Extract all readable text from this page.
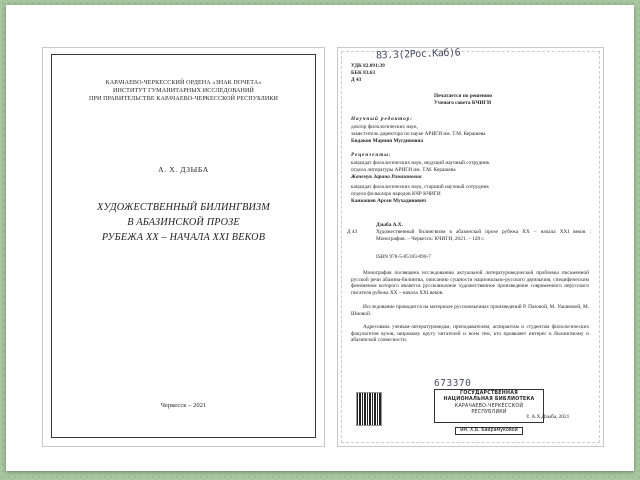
КАРАЧАЕВО-ЧЕРКЕССКИЙ ОРДЕНА «ЗНАК ПОЧЕТА»
ИНСТИТУТ ГУМАНИТАРНЫХ ИССЛЕДОВАНИЙ
ПРИ ПРАВИТЕЛЬСТВЕ КАРАЧАЕВО-ЧЕРКЕССКОЙ РЕСПУБЛИКИ
А. Х. ДЗЫБА
ХУДОЖЕСТВЕННЫЙ БИЛИНГВИЗМ
В АБАЗИНСКОЙ ПРОЗЕ
РУБЕЖА XX – НАЧАЛА XXI ВЕКОВ
Черкесск – 2021
83.3(2Рос.Каб)6
УДК 82.091:39
ББК 83.63
Д 43
Печатается по решению
Ученого совета КЧИГИ
Научный редактор:
доктор филологических наук,
заместитель директора по науке АРИГИ им. Т.М. Керашева
Бидаков Мариия Мугдиновна
Рецензенты:
кандидат филологических наук, ведущий научный сотрудник
отдела литературы АРИГИ им. Т.М. Керашева
Жачемук Зарина Рамазановна
кандидат филологических наук, старший научный сотрудник
отдела фольклора народов КЧР КЧИГИ
Канкошев Арсен Мухадинович
Дзыба А.Х.
Д 43	Художественный билингвизм в абазинской прозе рубежа XX – начала XXI веков : Монография. – Черкесск: КЧИГИ, 2021. – 128 с.
ISBN 978-5-85183-090-7
Монография посвящена исследованию актуальной литературоведческой проблемы письменной русской речи абазина-билингва, описанию сущности национально-русского двуязычия, специфическим феноменом которого является русскоязычное художественное произведение современного нерусского писателя рубежа XX – начала XXI веков.
Исследование проводится на материале русскоязычных произведений Р. Пазовой, М. Ушановой, М. Шиовой.
Адресована ученым-литературоведам, преподавателям, аспирантам и студентам филологических факультетов вузов, широкому кругу читателей и всем тем, кто проявляет интерес к билингвизму и абазинской словесности.
673370
ГОСУДАРСТВЕННАЯ
НАЦИОНАЛЬНАЯ БИБЛИОТЕКА
КАРАЧАЕВО-ЧЕРКЕССКОЙ
РЕСПУБЛИКИ
им. Х.Б. Байрамуковой
© А.Х.Дзыба, 2021
